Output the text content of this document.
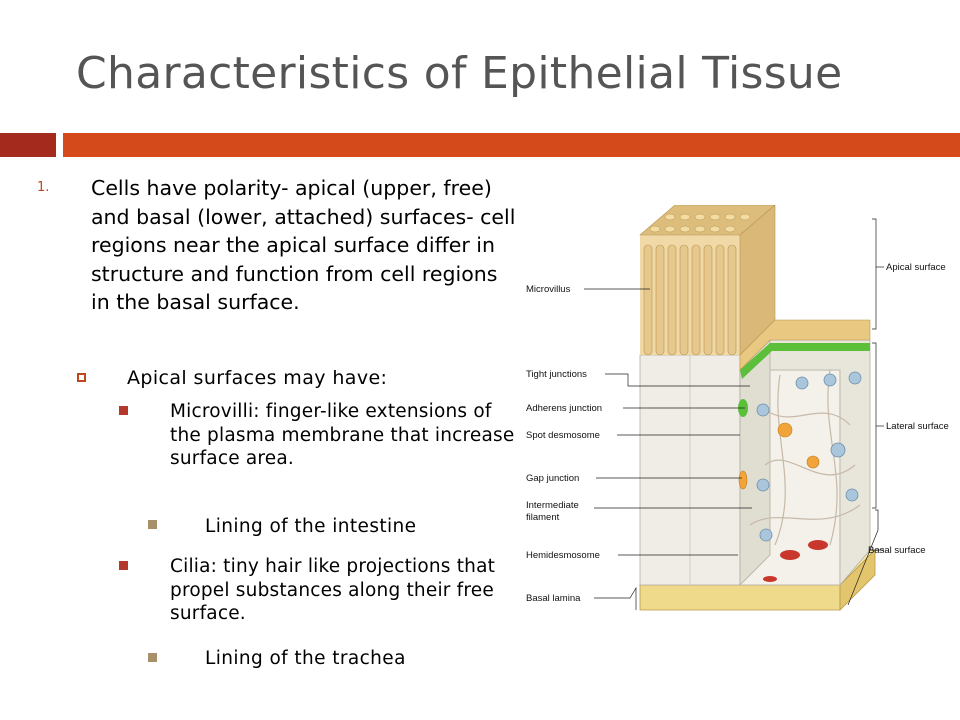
Characteristics of Epithelial Tissue
1. Cells have polarity- apical (upper, free) and basal (lower, attached) surfaces- cell regions near the apical surface differ in structure and function from cell regions in the basal surface.
Apical surfaces may have:
Microvilli: finger-like extensions of the plasma membrane that increase surface area.
Lining of the intestine
Cilia: tiny hair like projections that propel substances along their free surface.
Lining of the trachea
Microvillus
Tight junctions
Adherens junction
Spot desmosome
Gap junction
Intermediate
filament
Hemidesmosome
Basal lamina
Apical surface
Lateral surface
Basal surface
